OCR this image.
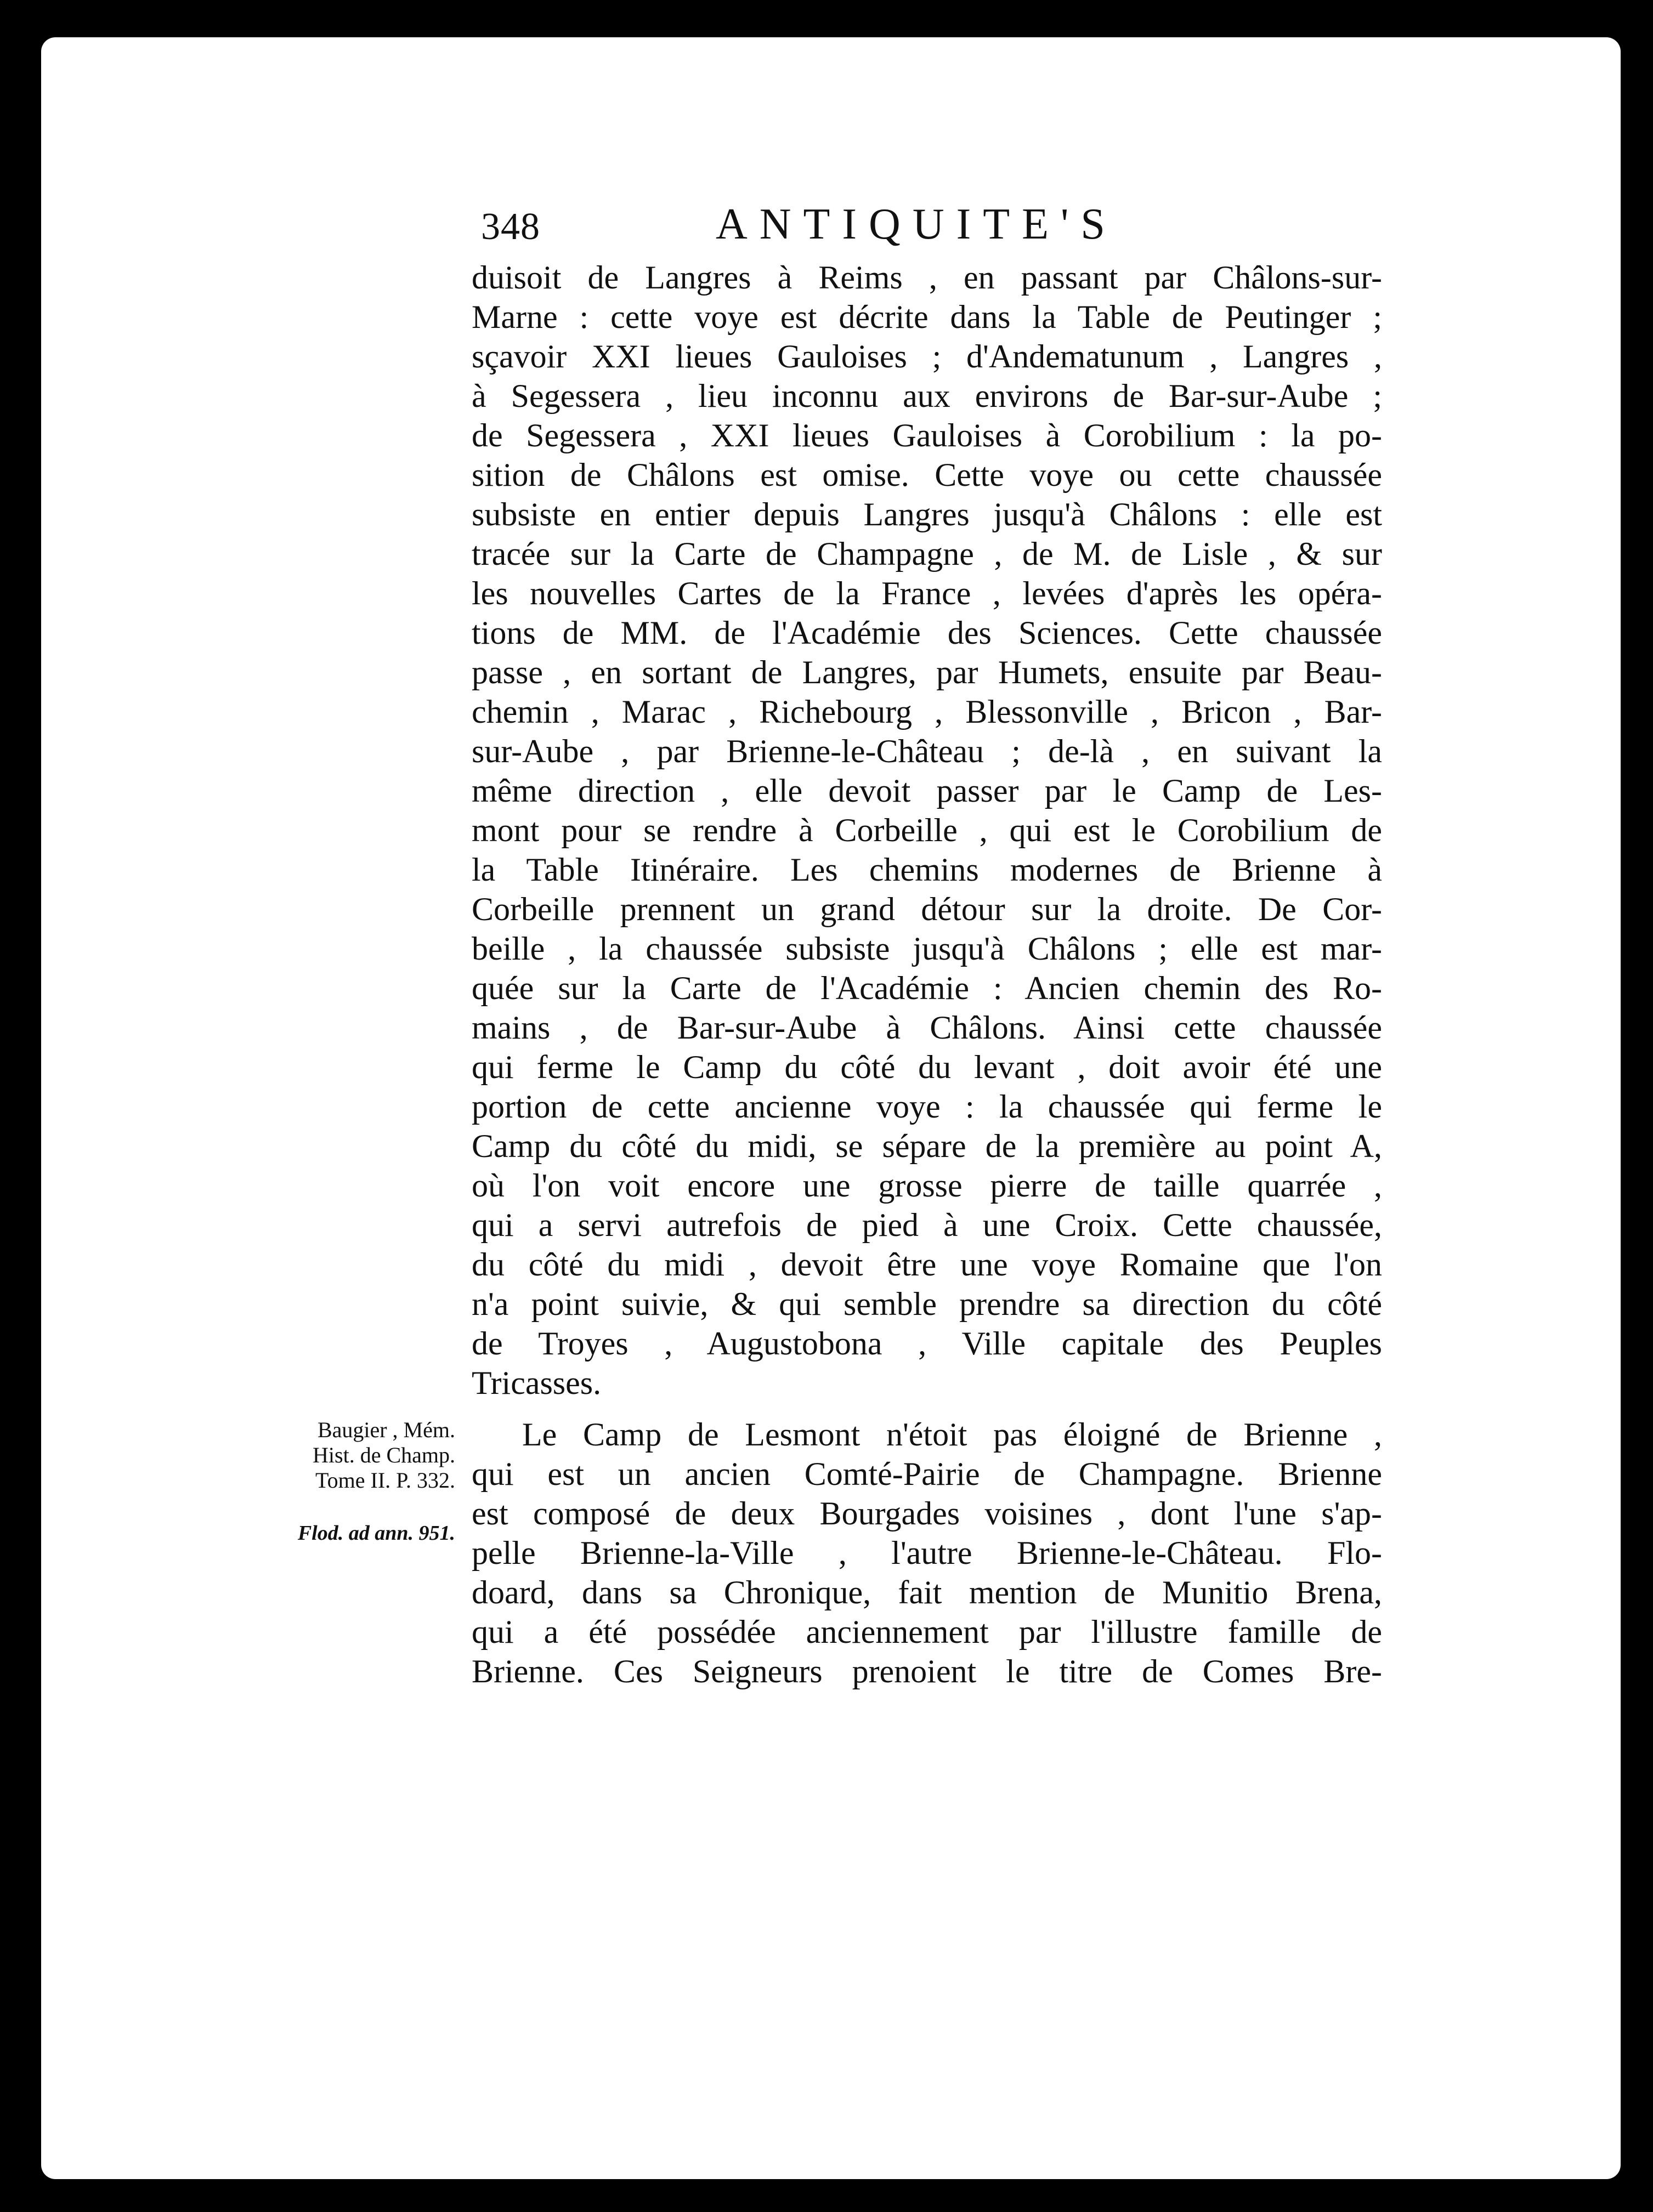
348	ANTIQUITE'S
duisoit de Langres à Reims , en passant par Châlons-sur-
Marne : cette voye est décrite dans la Table de Peutinger ;
sçavoir XXI lieues Gauloises ; d'Andematunum , Langres ,
à Segessera , lieu inconnu aux environs de Bar-sur-Aube ;
de Segessera , XXI lieues Gauloises à Corobilium : la po-
sition de Châlons est omise. Cette voye ou cette chaussée
subsiste en entier depuis Langres jusqu'à Châlons : elle est
tracée sur la Carte de Champagne , de M. de Lisle , & sur
les nouvelles Cartes de la France , levées d'après les opéra-
tions de MM. de l'Académie des Sciences. Cette chaussée
passe , en sortant de Langres, par Humets, ensuite par Beau-
chemin , Marac , Richebourg , Blessonville , Bricon , Bar-
sur-Aube , par Brienne-le-Château ; de-là , en suivant la
même direction , elle devoit passer par le Camp de Les-
mont pour se rendre à Corbeille , qui est le Corobilium de
la Table Itinéraire. Les chemins modernes de Brienne à
Corbeille prennent un grand détour sur la droite. De Cor-
beille , la chaussée subsiste jusqu'à Châlons ; elle est mar-
quée sur la Carte de l'Académie : Ancien chemin des Ro-
mains , de Bar-sur-Aube à Châlons. Ainsi cette chaussée
qui ferme le Camp du côté du levant , doit avoir été une
portion de cette ancienne voye : la chaussée qui ferme le
Camp du côté du midi, se sépare de la première au point A,
où l'on voit encore une grosse pierre de taille quarrée ,
qui a servi autrefois de pied à une Croix. Cette chaussée,
du côté du midi , devoit être une voye Romaine que l'on
n'a point suivie, & qui semble prendre sa direction du côté
de Troyes , Augustobona , Ville capitale des Peuples
Tricasses.
Le Camp de Lesmont n'étoit pas éloigné de Brienne ,
qui est un ancien Comté-Pairie de Champagne. Brienne
est composé de deux Bourgades voisines , dont l'une s'ap-
pelle Brienne-la-Ville , l'autre Brienne-le-Château. Flo-
doard, dans sa Chronique, fait mention de Munitio Brena,
qui a été possédée anciennement par l'illustre famille de
Brienne. Ces Seigneurs prenoient le titre de Comes Bre-
Baugier , Mém.
Hist. de Champ.
Tome II. P. 332.
Flod. ad ann. 951.
